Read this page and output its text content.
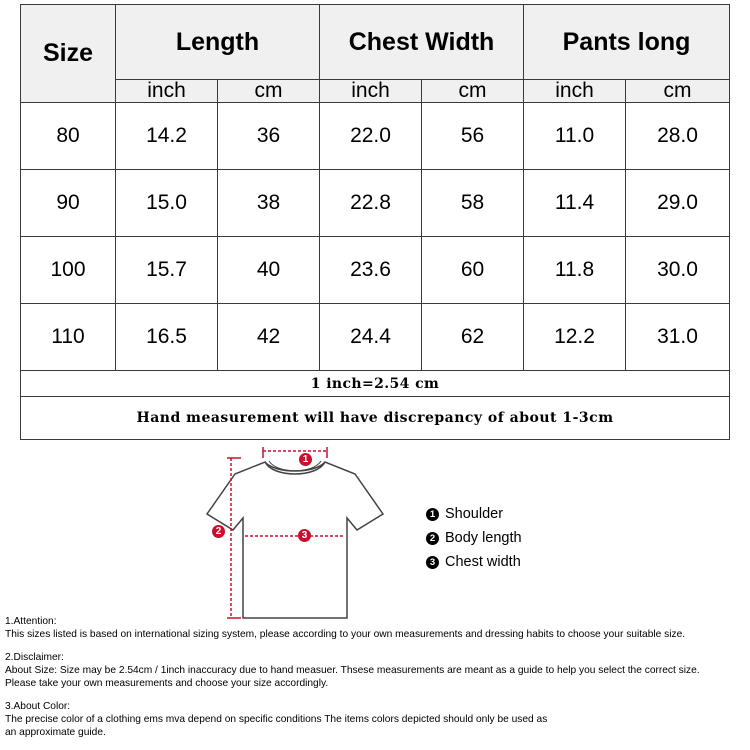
Size	Length		Chest Width		Pants long	
	inch	cm	inch	cm	inch	cm
80	14.2	36	22.0	56	11.0	28.0
90	15.0	38	22.8	58	11.4	29.0
100	15.7	40	23.6	60	11.8	30.0
110	16.5	42	24.4	62	12.2	31.0
1 inch=2.54 cm						
Hand measurement will have discrepancy of about 1-3cm						
1
2	3
1 Shoulder
2 Body length
3 Chest width
1.Attention:
This sizes listed is based on international sizing system, please according to your own measurements and dressing habits to choose your suitable size.
2.Disclaimer:
About Size: Size may be 2.54cm / 1inch inaccuracy due to hand measuer. Thsese measurements are meant as a guide to help you select the correct size.
Please take your own measurements and choose your size accordingly.
3.About Color:
The precise color of a clothing ems mva depend on specific conditions The items colors depicted should only be used as
an approximate guide.
